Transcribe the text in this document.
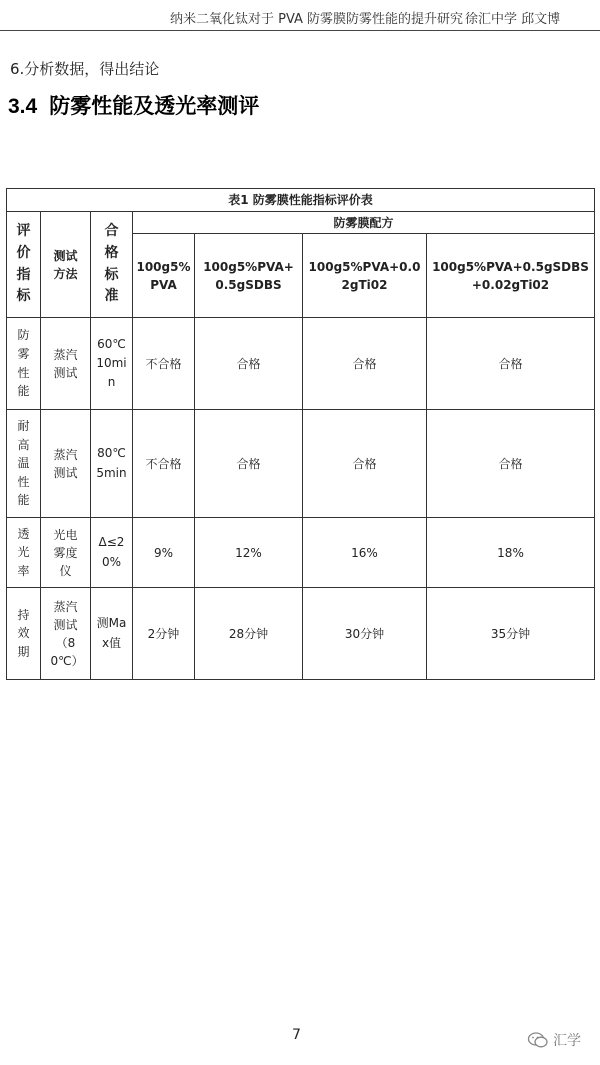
纳米二氧化钛对于 PVA 防雾膜防雾性能的提升研究 徐汇中学 邱文博
6.分析数据，得出结论
3.4 防雾性能及透光率测评
表1 防雾膜性能指标评价表						
评价指标	测试方法	合格标准	防雾膜配方			
			100g5%PVA	100g5%PVA+0.5gSDBS	100g5%PVA+0.02gTi02	100g5%PVA+0.5gSDBS+0.02gTi02
防雾性能	蒸汽测试	60℃10min	不合格	合格	合格	合格
耐高温性能	蒸汽测试	80℃5min	不合格	合格	合格	合格
透光率	光电雾度仪	Δ≤20%	9%	12%	16%	18%
持效期	蒸汽测试（80℃）	测Max值	2分钟	28分钟	30分钟	35分钟
7	汇学
